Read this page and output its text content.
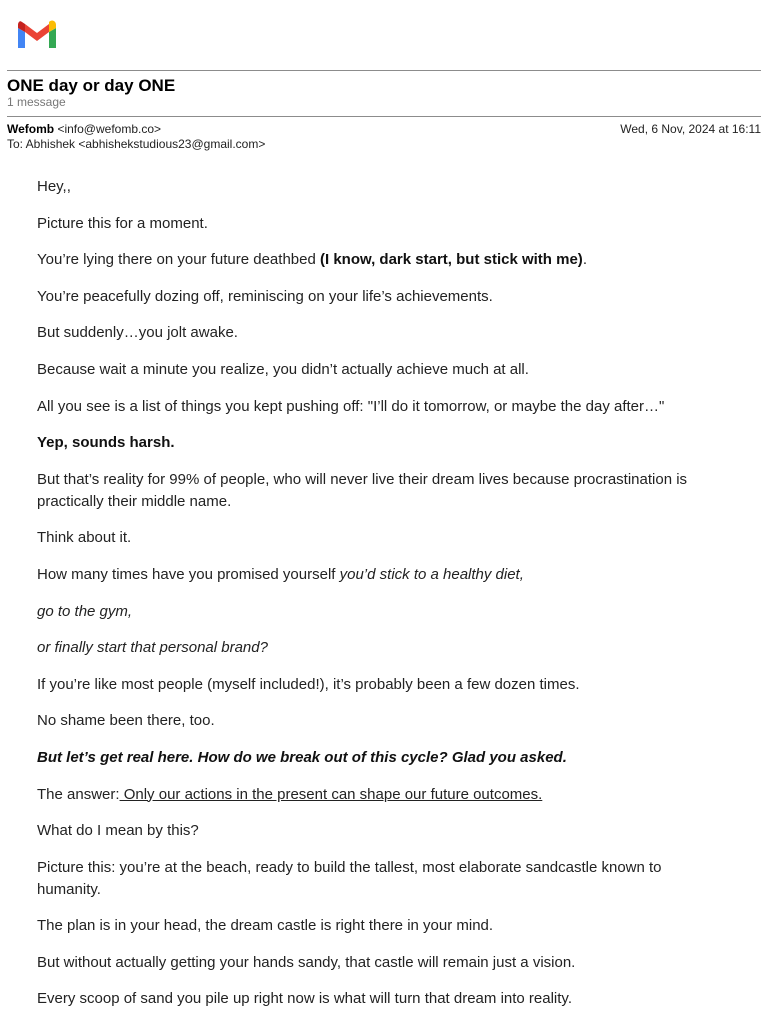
ONE day or day ONE
1 message
Wefomb <info@wefomb.co>
To: Abhishek <abhishekstudious23@gmail.com>
Wed, 6 Nov, 2024 at 16:11

Hey,,

Picture this for a moment.

You’re lying there on your future deathbed (I know, dark start, but stick with me).

You’re peacefully dozing off, reminiscing on your life’s achievements.

But suddenly…you jolt awake.

Because wait a minute you realize, you didn’t actually achieve much at all.

All you see is a list of things you kept pushing off: "I’ll do it tomorrow, or maybe the day after…"

Yep, sounds harsh.

But that’s reality for 99% of people, who will never live their dream lives because procrastination is practically their middle name.

Think about it.

How many times have you promised yourself you’d stick to a healthy diet,

go to the gym,

or finally start that personal brand?

If you’re like most people (myself included!), it’s probably been a few dozen times.

No shame been there, too.

But let’s get real here. How do we break out of this cycle? Glad you asked.

The answer: Only our actions in the present can shape our future outcomes.

What do I mean by this?

Picture this: you’re at the beach, ready to build the tallest, most elaborate sandcastle known to humanity.

The plan is in your head, the dream castle is right there in your mind.

But without actually getting your hands sandy, that castle will remain just a vision.

Every scoop of sand you pile up right now is what will turn that dream into reality.
